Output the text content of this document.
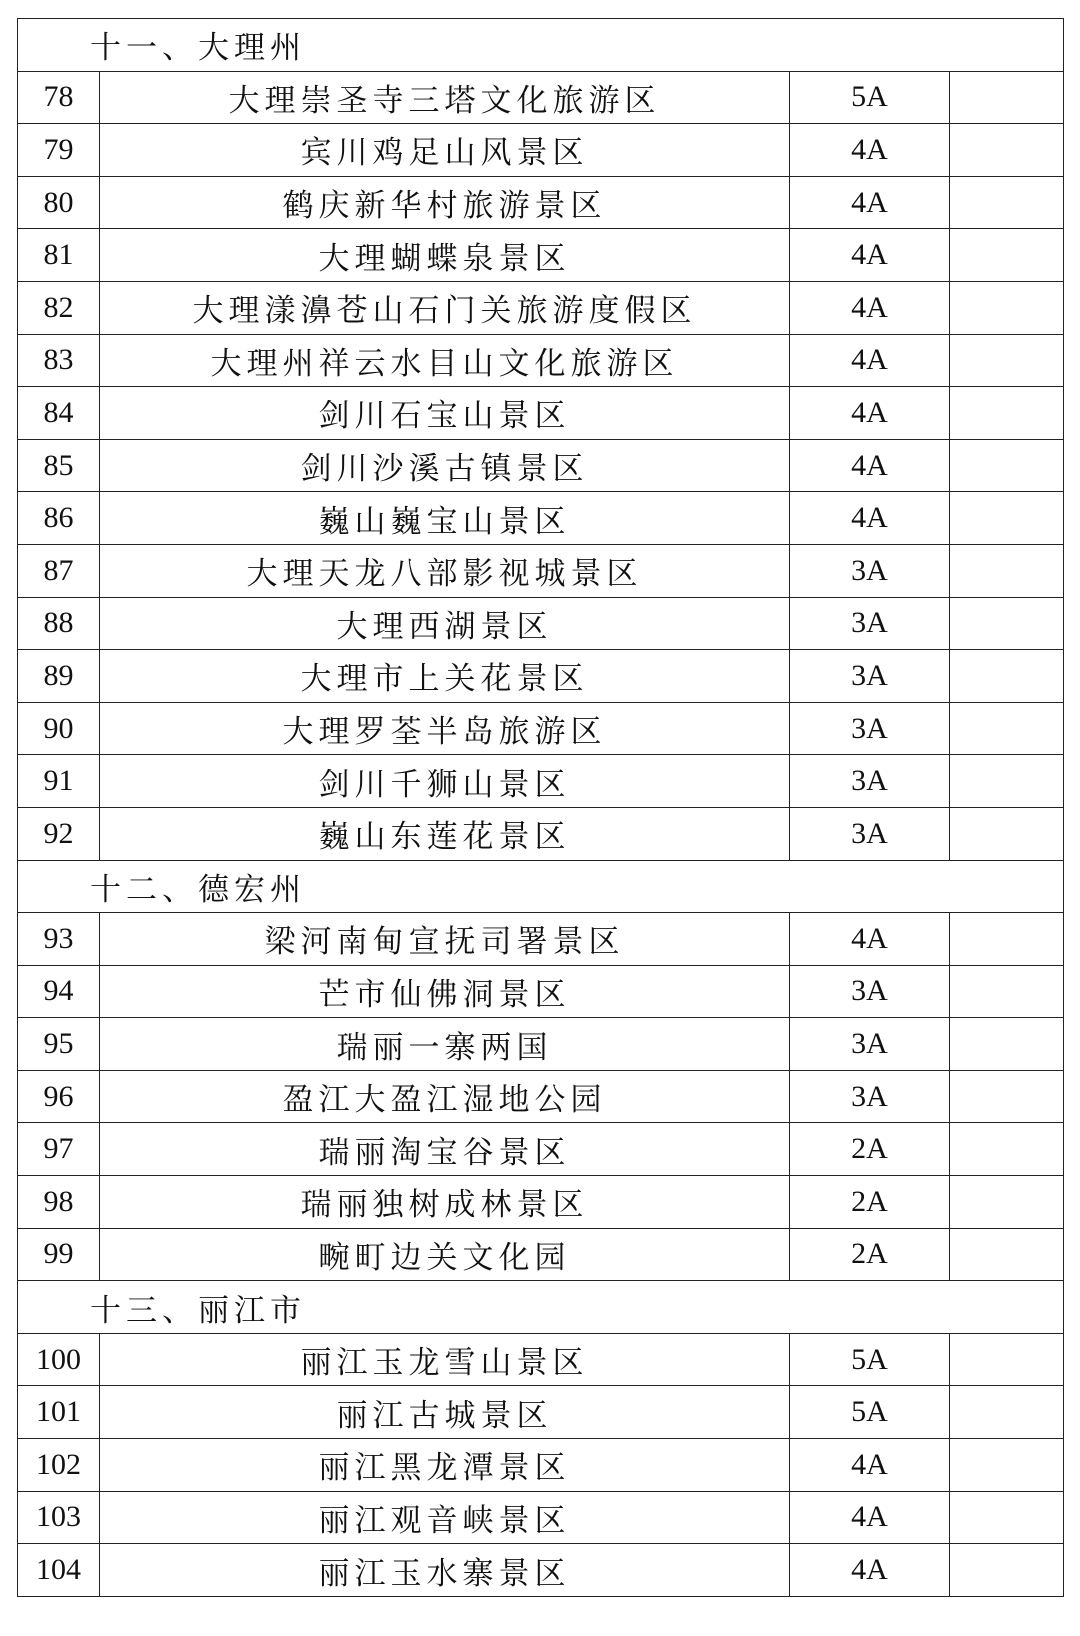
十一、大理州			
78	大理崇圣寺三塔文化旅游区	5A	
79	宾川鸡足山风景区	4A	
80	鹤庆新华村旅游景区	4A	
81	大理蝴蝶泉景区	4A	
82	大理漾濞苍山石门关旅游度假区	4A	
83	大理州祥云水目山文化旅游区	4A	
84	剑川石宝山景区	4A	
85	剑川沙溪古镇景区	4A	
86	巍山巍宝山景区	4A	
87	大理天龙八部影视城景区	3A	
88	大理西湖景区	3A	
89	大理市上关花景区	3A	
90	大理罗荃半岛旅游区	3A	
91	剑川千狮山景区	3A	
92	巍山东莲花景区	3A	
十二、德宏州			
93	梁河南甸宣抚司署景区	4A	
94	芒市仙佛洞景区	3A	
95	瑞丽一寨两国	3A	
96	盈江大盈江湿地公园	3A	
97	瑞丽淘宝谷景区	2A	
98	瑞丽独树成林景区	2A	
99	畹町边关文化园	2A	
十三、丽江市			
100	丽江玉龙雪山景区	5A	
101	丽江古城景区	5A	
102	丽江黑龙潭景区	4A	
103	丽江观音峡景区	4A	
104	丽江玉水寨景区	4A	
